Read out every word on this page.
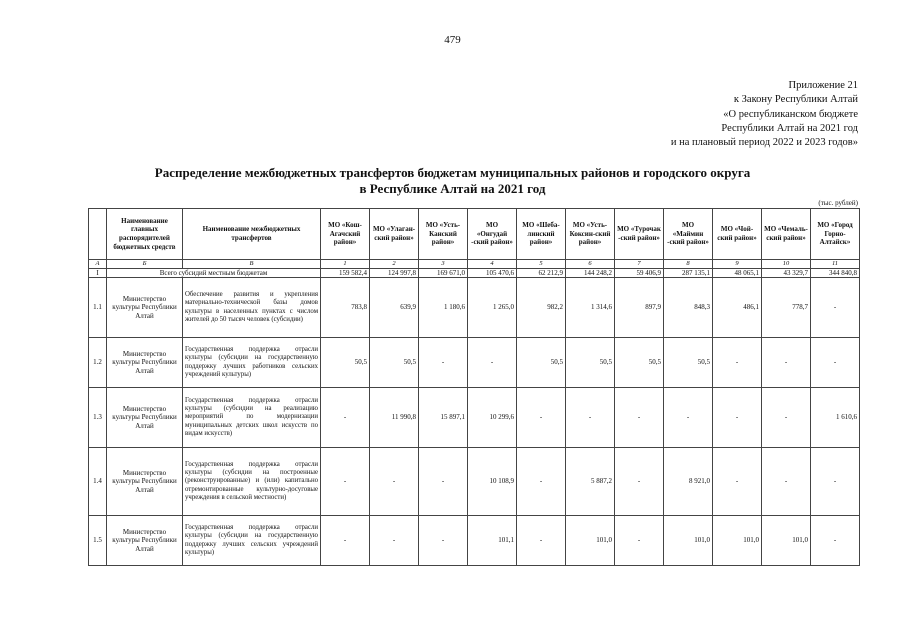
479
Приложение 21
к Закону Республики Алтай
«О республиканском бюджете
Республики Алтай на 2021 год
и на плановый период 2022 и 2023 годов»
Распределение межбюджетных трансфертов бюджетам муниципальных районов и городского округа
в Республике Алтай на 2021 год
(тыс. рублей)
	Наименование главных распорядителей бюджетных средств	Наименование межбюджетных трансфертов	МО «Кош-Агачский район»	МО «Улаган-ский район»	МО «Усть-Канский район»	МО «Онгудай -ский район»	МО «Шеба-линский район»	МО «Усть-Коксин-ский район»	МО «Турочак -ский район»	МО «Маймин -ский район»	МО «Чой-ский район»	МО «Чемаль-ский район»	МО «Город Горно-Алтайск»
А	Б	В	1	2	3	4	5	6	7	8	9	10	11
I	Всего субсидий местным бюджетам		159 582,4	124 997,8	169 671,0	105 470,6	62 212,9	144 248,2	59 406,9	287 135,1	48 065,1	43 329,7	344 840,8
1.1	Министерство культуры Республики Алтай	Обеспечение развития и укрепления материально-технической базы домов культуры в населенных пунктах с числом жителей до 50 тысяч человек (субсидии)	783,8	639,9	1 180,6	1 265,0	982,2	1 314,6	897,9	848,3	486,1	778,7	-
1.2	Министерство культуры Республики Алтай	Государственная поддержка отрасли культуры (субсидии на государственную поддержку лучших работников сельских учреждений культуры)	50,5	50,5	-	-	50,5	50,5	50,5	50,5	-	-	-
1.3	Министерство культуры Республики Алтай	Государственная поддержка отрасли культуры (субсидии на реализацию мероприятий по модернизации муниципальных детских школ искусств по видам искусств)	-	11 990,8	15 897,1	10 299,6	-	-	-	-	-	-	1 610,6
1.4	Министерство культуры Республики Алтай	Государственная поддержка отрасли культуры (субсидии на построенные (реконструированные) и (или) капитально отремонтированные культурно-досуговые учреждения в сельской местности)	-	-	-	10 108,9	-	5 887,2	-	8 921,0	-	-	-
1.5	Министерство культуры Республики Алтай	Государственная поддержка отрасли культуры (субсидии на государственную поддержку лучших сельских учреждений культуры)	-	-	-	101,1	-	101,0	-	101,0	101,0	101,0	-
